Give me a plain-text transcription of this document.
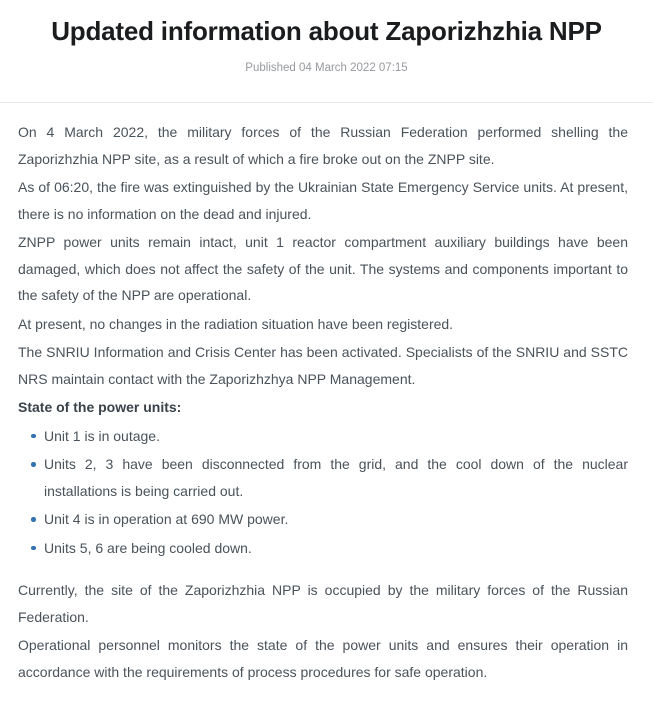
Updated information about Zaporizhzhia NPP
Published 04 March 2022 07:15

On 4 March 2022, the military forces of the Russian Federation performed shelling the Zaporizhzhia NPP site, as a result of which a fire broke out on the ZNPP site.

As of 06:20, the fire was extinguished by the Ukrainian State Emergency Service units. At present, there is no information on the dead and injured.

ZNPP power units remain intact, unit 1 reactor compartment auxiliary buildings have been damaged, which does not affect the safety of the unit. The systems and components important to the safety of the NPP are operational.

At present, no changes in the radiation situation have been registered.

The SNRIU Information and Crisis Center has been activated. Specialists of the SNRIU and SSTC NRS maintain contact with the Zaporizhzhya NPP Management.

State of the power units:

Unit 1 is in outage.
Units 2, 3 have been disconnected from the grid, and the cool down of the nuclear installations is being carried out.
Unit 4 is in operation at 690 MW power.
Units 5, 6 are being cooled down.

Currently, the site of the Zaporizhzhia NPP is occupied by the military forces of the Russian Federation.

Operational personnel monitors the state of the power units and ensures their operation in accordance with the requirements of process procedures for safe operation.
